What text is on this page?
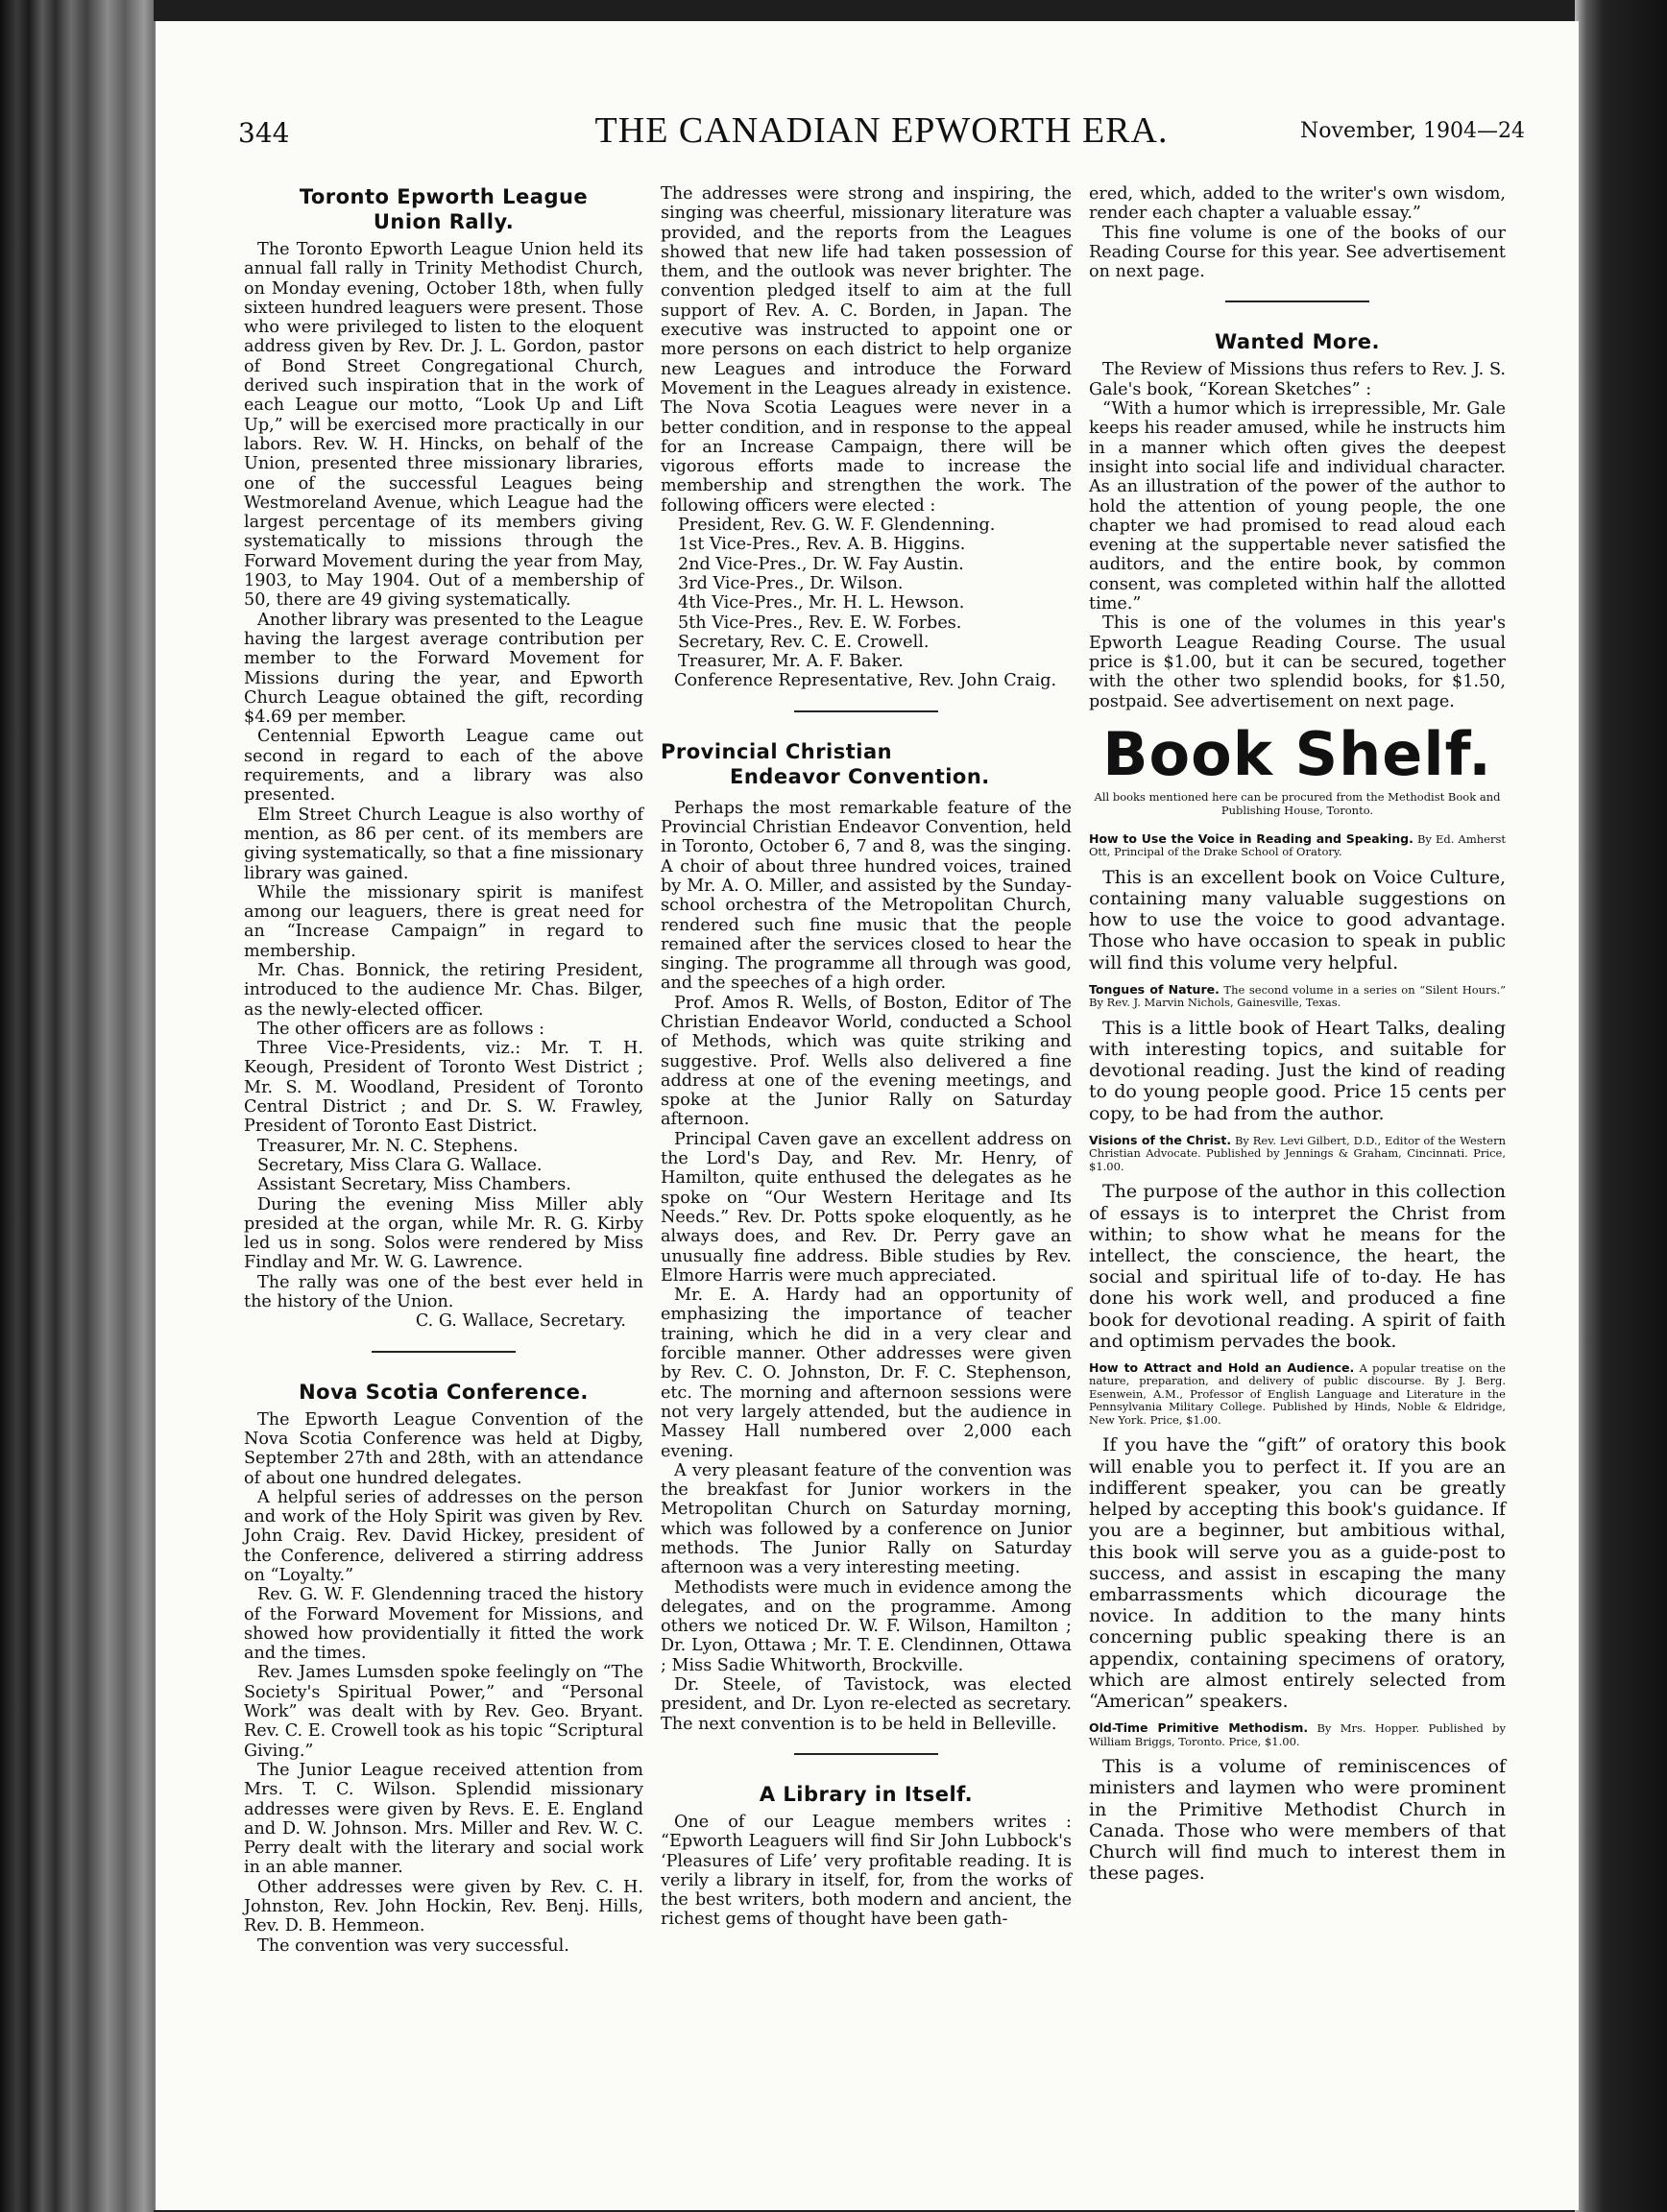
344	THE CANADIAN EPWORTH ERA.	November, 1904—24
Toronto Epworth League Union Rally.

The Toronto Epworth League Union held its annual fall rally in Trinity Methodist Church, on Monday evening, October 18th, when fully sixteen hundred leaguers were present. Those who were privileged to listen to the eloquent address given by Rev. Dr. J. L. Gordon, pastor of Bond Street Congregational Church, derived such inspiration that in the work of each League our motto, “Look Up and Lift Up,” will be exercised more practically in our labors. Rev. W. H. Hincks, on behalf of the Union, presented three missionary libraries, one of the successful Leagues being Westmoreland Avenue, which League had the largest percentage of its members giving systematically to missions through the Forward Movement during the year from May, 1903, to May 1904. Out of a membership of 50, there are 49 giving systematically.

Another library was presented to the League having the largest average contribution per member to the Forward Movement for Missions during the year, and Epworth Church League obtained the gift, recording $4.69 per member.

Centennial Epworth League came out second in regard to each of the above requirements, and a library was also presented.

Elm Street Church League is also worthy of mention, as 86 per cent. of its members are giving systematically, so that a fine missionary library was gained.

While the missionary spirit is manifest among our leaguers, there is great need for an “Increase Campaign” in regard to membership.

Mr. Chas. Bonnick, the retiring President, introduced to the audience Mr. Chas. Bilger, as the newly-elected officer.

The other officers are as follows :

Three Vice-Presidents, viz.: Mr. T. H. Keough, President of Toronto West District ; Mr. S. M. Woodland, President of Toronto Central District ; and Dr. S. W. Frawley, President of Toronto East District.

Treasurer, Mr. N. C. Stephens.

Secretary, Miss Clara G. Wallace.

Assistant Secretary, Miss Chambers.

During the evening Miss Miller ably presided at the organ, while Mr. R. G. Kirby led us in song. Solos were rendered by Miss Findlay and Mr. W. G. Lawrence.

The rally was one of the best ever held in the history of the Union.

C. G. Wallace, Secretary.

Nova Scotia Conference.

The Epworth League Convention of the Nova Scotia Conference was held at Digby, September 27th and 28th, with an attendance of about one hundred delegates.

A helpful series of addresses on the person and work of the Holy Spirit was given by Rev. John Craig. Rev. David Hickey, president of the Conference, delivered a stirring address on “Loyalty.”

Rev. G. W. F. Glendenning traced the history of the Forward Movement for Missions, and showed how providentially it fitted the work and the times.

Rev. James Lumsden spoke feelingly on “The Society's Spiritual Power,” and “Personal Work” was dealt with by Rev. Geo. Bryant. Rev. C. E. Crowell took as his topic “Scriptural Giving.”

The Junior League received attention from Mrs. T. C. Wilson. Splendid missionary addresses were given by Revs. E. E. England and D. W. Johnson. Mrs. Miller and Rev. W. C. Perry dealt with the literary and social work in an able manner.

Other addresses were given by Rev. C. H. Johnston, Rev. John Hockin, Rev. Benj. Hills, Rev. D. B. Hemmeon.

The convention was very successful.

The addresses were strong and inspiring, the singing was cheerful, missionary literature was provided, and the reports from the Leagues showed that new life had taken possession of them, and the outlook was never brighter. The convention pledged itself to aim at the full support of Rev. A. C. Borden, in Japan. The executive was instructed to appoint one or more persons on each district to help organize new Leagues and introduce the Forward Movement in the Leagues already in existence. The Nova Scotia Leagues were never in a better condition, and in response to the appeal for an Increase Campaign, there will be vigorous efforts made to increase the membership and strengthen the work. The following officers were elected :

President, Rev. G. W. F. Glendenning.

1st Vice-Pres., Rev. A. B. Higgins.

2nd Vice-Pres., Dr. W. Fay Austin.

3rd Vice-Pres., Dr. Wilson.

4th Vice-Pres., Mr. H. L. Hewson.

5th Vice-Pres., Rev. E. W. Forbes.

Secretary, Rev. C. E. Crowell.

Treasurer, Mr. A. F. Baker.

Conference Representative, Rev. John Craig.

Provincial Christian
Endeavor Convention.

Perhaps the most remarkable feature of the Provincial Christian Endeavor Convention, held in Toronto, October 6, 7 and 8, was the singing. A choir of about three hundred voices, trained by Mr. A. O. Miller, and assisted by the Sunday-school orchestra of the Metropolitan Church, rendered such fine music that the people remained after the services closed to hear the singing. The programme all through was good, and the speeches of a high order.

Prof. Amos R. Wells, of Boston, Editor of The Christian Endeavor World, conducted a School of Methods, which was quite striking and suggestive. Prof. Wells also delivered a fine address at one of the evening meetings, and spoke at the Junior Rally on Saturday afternoon.

Principal Caven gave an excellent address on the Lord's Day, and Rev. Mr. Henry, of Hamilton, quite enthused the delegates as he spoke on “Our Western Heritage and Its Needs.” Rev. Dr. Potts spoke eloquently, as he always does, and Rev. Dr. Perry gave an unusually fine address. Bible studies by Rev. Elmore Harris were much appreciated.

Mr. E. A. Hardy had an opportunity of emphasizing the importance of teacher training, which he did in a very clear and forcible manner. Other addresses were given by Rev. C. O. Johnston, Dr. F. C. Stephenson, etc. The morning and afternoon sessions were not very largely attended, but the audience in Massey Hall numbered over 2,000 each evening.

A very pleasant feature of the convention was the breakfast for Junior workers in the Metropolitan Church on Saturday morning, which was followed by a conference on Junior methods. The Junior Rally on Saturday afternoon was a very interesting meeting.

Methodists were much in evidence among the delegates, and on the programme. Among others we noticed Dr. W. F. Wilson, Hamilton ; Dr. Lyon, Ottawa ; Mr. T. E. Clendinnen, Ottawa ; Miss Sadie Whitworth, Brockville.

Dr. Steele, of Tavistock, was elected president, and Dr. Lyon re-elected as secretary. The next convention is to be held in Belleville.

A Library in Itself.

One of our League members writes : “Epworth Leaguers will find Sir John Lubbock's ‘Pleasures of Life’ very profitable reading. It is verily a library in itself, for, from the works of the best writers, both modern and ancient, the richest gems of thought have been gath-

ered, which, added to the writer's own wisdom, render each chapter a valuable essay.”

This fine volume is one of the books of our Reading Course for this year. See advertisement on next page.

Wanted More.

The Review of Missions thus refers to Rev. J. S. Gale's book, “Korean Sketches” :

“With a humor which is irrepressible, Mr. Gale keeps his reader amused, while he instructs him in a manner which often gives the deepest insight into social life and individual character. As an illustration of the power of the author to hold the attention of young people, the one chapter we had promised to read aloud each evening at the suppertable never satisfied the auditors, and the entire book, by common consent, was completed within half the allotted time.”

This is one of the volumes in this year's Epworth League Reading Course. The usual price is $1.00, but it can be secured, together with the other two splendid books, for $1.50, postpaid. See advertisement on next page.

Book Shelf.

All books mentioned here can be procured from the Methodist Book and Publishing House, Toronto.

How to Use the Voice in Reading and Speaking. By Ed. Amherst Ott, Principal of the Drake School of Oratory.

This is an excellent book on Voice Culture, containing many valuable suggestions on how to use the voice to good advantage. Those who have occasion to speak in public will find this volume very helpful.

Tongues of Nature. The second volume in a series on “Silent Hours.” By Rev. J. Marvin Nichols, Gainesville, Texas.

This is a little book of Heart Talks, dealing with interesting topics, and suitable for devotional reading. Just the kind of reading to do young people good. Price 15 cents per copy, to be had from the author.

Visions of the Christ. By Rev. Levi Gilbert, D.D., Editor of the Western Christian Advocate. Published by Jennings & Graham, Cincinnati. Price, $1.00.

The purpose of the author in this collection of essays is to interpret the Christ from within; to show what he means for the intellect, the conscience, the heart, the social and spiritual life of to-day. He has done his work well, and produced a fine book for devotional reading. A spirit of faith and optimism pervades the book.

How to Attract and Hold an Audience. A popular treatise on the nature, preparation, and delivery of public discourse. By J. Berg. Esenwein, A.M., Professor of English Language and Literature in the Pennsylvania Military College. Published by Hinds, Noble & Eldridge, New York. Price, $1.00.

If you have the “gift” of oratory this book will enable you to perfect it. If you are an indifferent speaker, you can be greatly helped by accepting this book's guidance. If you are a beginner, but ambitious withal, this book will serve you as a guide-post to success, and assist in escaping the many embarrassments which dicourage the novice. In addition to the many hints concerning public speaking there is an appendix, containing specimens of oratory, which are almost entirely selected from “American” speakers.

Old-Time Primitive Methodism. By Mrs. Hopper. Published by William Briggs, Toronto. Price, $1.00.

This is a volume of reminiscences of ministers and laymen who were prominent in the Primitive Methodist Church in Canada. Those who were members of that Church will find much to interest them in these pages.
